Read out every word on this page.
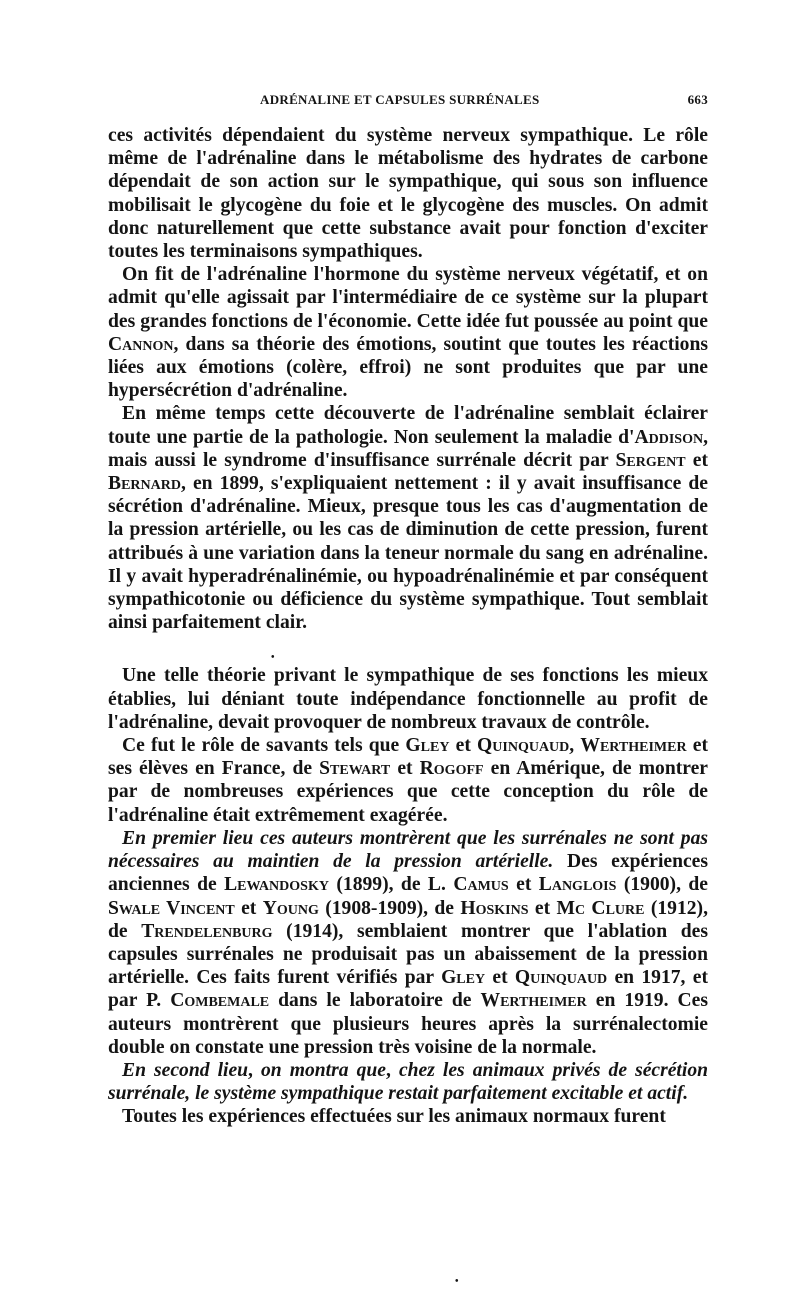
ADRÉNALINE ET CAPSULES SURRÉNALES	663

ces activités dépendaient du système nerveux sympathique. Le rôle même de l'adrénaline dans le métabolisme des hydrates de carbone dépendait de son action sur le sympathique, qui sous son influence mobilisait le glycogène du foie et le glycogène des muscles. On admit donc naturellement que cette substance avait pour fonction d'exciter toutes les terminaisons sympathiques.

On fit de l'adrénaline l'hormone du système nerveux végétatif, et on admit qu'elle agissait par l'intermédiaire de ce système sur la plupart des grandes fonctions de l'économie. Cette idée fut poussée au point que Cannon, dans sa théorie des émotions, soutint que toutes les réactions liées aux émotions (colère, effroi) ne sont produites que par une hypersécrétion d'adrénaline.

En même temps cette découverte de l'adrénaline semblait éclairer toute une partie de la pathologie. Non seulement la maladie d'Addison, mais aussi le syndrome d'insuffisance surrénale décrit par Sergent et Bernard, en 1899, s'expliquaient nettement : il y avait insuffisance de sécrétion d'adrénaline. Mieux, presque tous les cas d'augmentation de la pression artérielle, ou les cas de diminution de cette pression, furent attribués à une variation dans la teneur normale du sang en adrénaline. Il y avait hyperadrénalinémie, ou hypoadrénalinémie et par conséquent sympathicotonie ou déficience du système sympathique. Tout semblait ainsi parfaitement clair.

Une telle théorie privant le sympathique de ses fonctions les mieux établies, lui déniant toute indépendance fonctionnelle au profit de l'adrénaline, devait provoquer de nombreux travaux de contrôle.

Ce fut le rôle de savants tels que Gley et Quinquaud, Wertheimer et ses élèves en France, de Stewart et Rogoff en Amérique, de montrer par de nombreuses expériences que cette conception du rôle de l'adrénaline était extrêmement exagérée.

En premier lieu ces auteurs montrèrent que les surrénales ne sont pas nécessaires au maintien de la pression artérielle. Des expériences anciennes de Lewandosky (1899), de L. Camus et Langlois (1900), de Swale Vincent et Young (1908-1909), de Hoskins et Mc Clure (1912), de Trendelenburg (1914), semblaient montrer que l'ablation des capsules surrénales ne produisait pas un abaissement de la pression artérielle. Ces faits furent vérifiés par Gley et Quinquaud en 1917, et par P. Combemale dans le laboratoire de Wertheimer en 1919. Ces auteurs montrèrent que plusieurs heures après la surrénalectomie double on constate une pression très voisine de la normale.

En second lieu, on montra que, chez les animaux privés de sécrétion surrénale, le système sympathique restait parfaitement excitable et actif.

Toutes les expériences effectuées sur les animaux normaux furent

•
•
